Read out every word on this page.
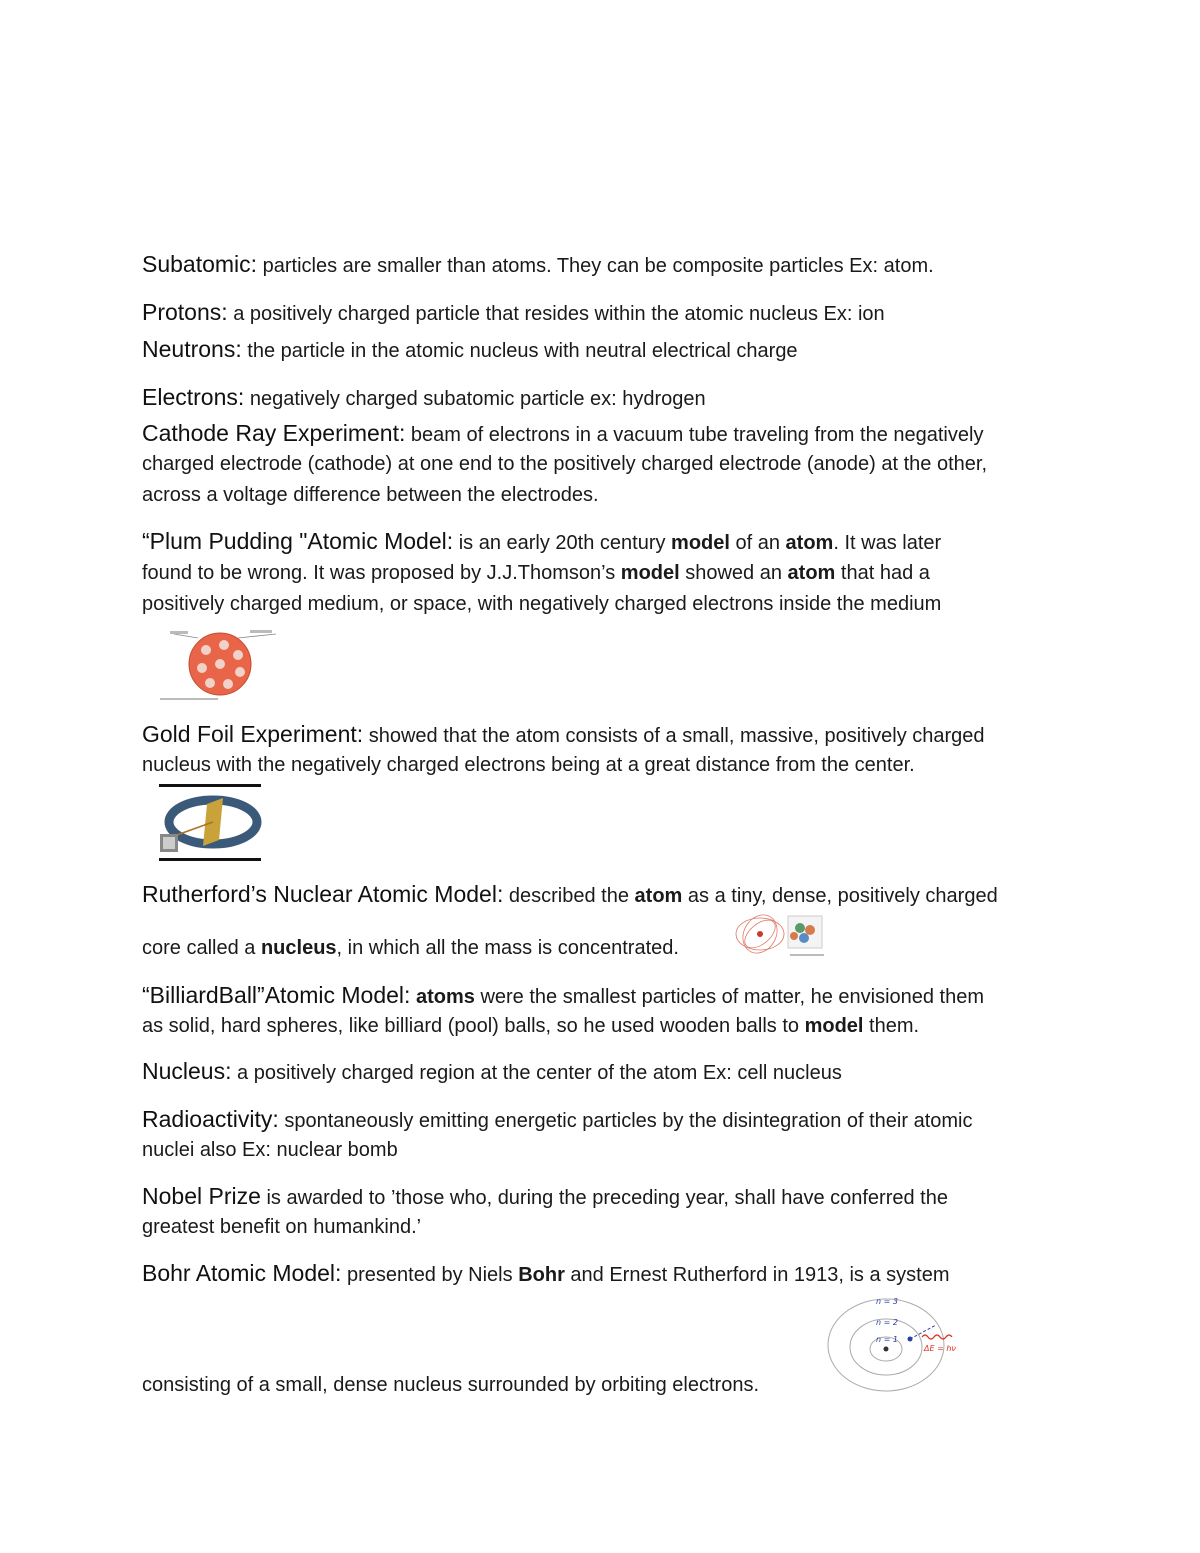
Subatomic: particles are smaller than atoms. They can be composite particles Ex: atom.
Protons: a positively charged particle that resides within the atomic nucleus Ex: ion
Neutrons: the particle in the atomic nucleus with neutral electrical charge
Electrons: negatively charged subatomic particle ex: hydrogen
Cathode Ray Experiment: beam of electrons in a vacuum tube traveling from the negatively
charged electrode (cathode) at one end to the positively charged electrode (anode) at the other,
across a voltage difference between the electrodes.
“Plum Pudding "Atomic Model: is an early 20th century model of an atom. It was later
found to be wrong. It was proposed by J.J.Thomson’s model showed an atom that had a
positively charged medium, or space, with negatively charged electrons inside the medium
Gold Foil Experiment: showed that the atom consists of a small, massive, positively charged
nucleus with the negatively charged electrons being at a great distance from the center.
Rutherford’s Nuclear Atomic Model: described the atom as a tiny, dense, positively charged
core called a nucleus, in which all the mass is concentrated.
“BilliardBall”Atomic Model: atoms were the smallest particles of matter, he envisioned them
as solid, hard spheres, like billiard (pool) balls, so he used wooden balls to model them.
Nucleus: a positively charged region at the center of the atom Ex: cell nucleus
Radioactivity: spontaneously emitting energetic particles by the disintegration of their atomic
nuclei also Ex: nuclear bomb
Nobel Prize is awarded to ’those who, during the preceding year, shall have conferred the
greatest benefit on humankind.’
Bohr Atomic Model: presented by Niels Bohr and Ernest Rutherford in 1913, is a system
consisting of a small, dense nucleus surrounded by orbiting electrons.
n = 3
n = 2
n = 1
ΔE = hν
